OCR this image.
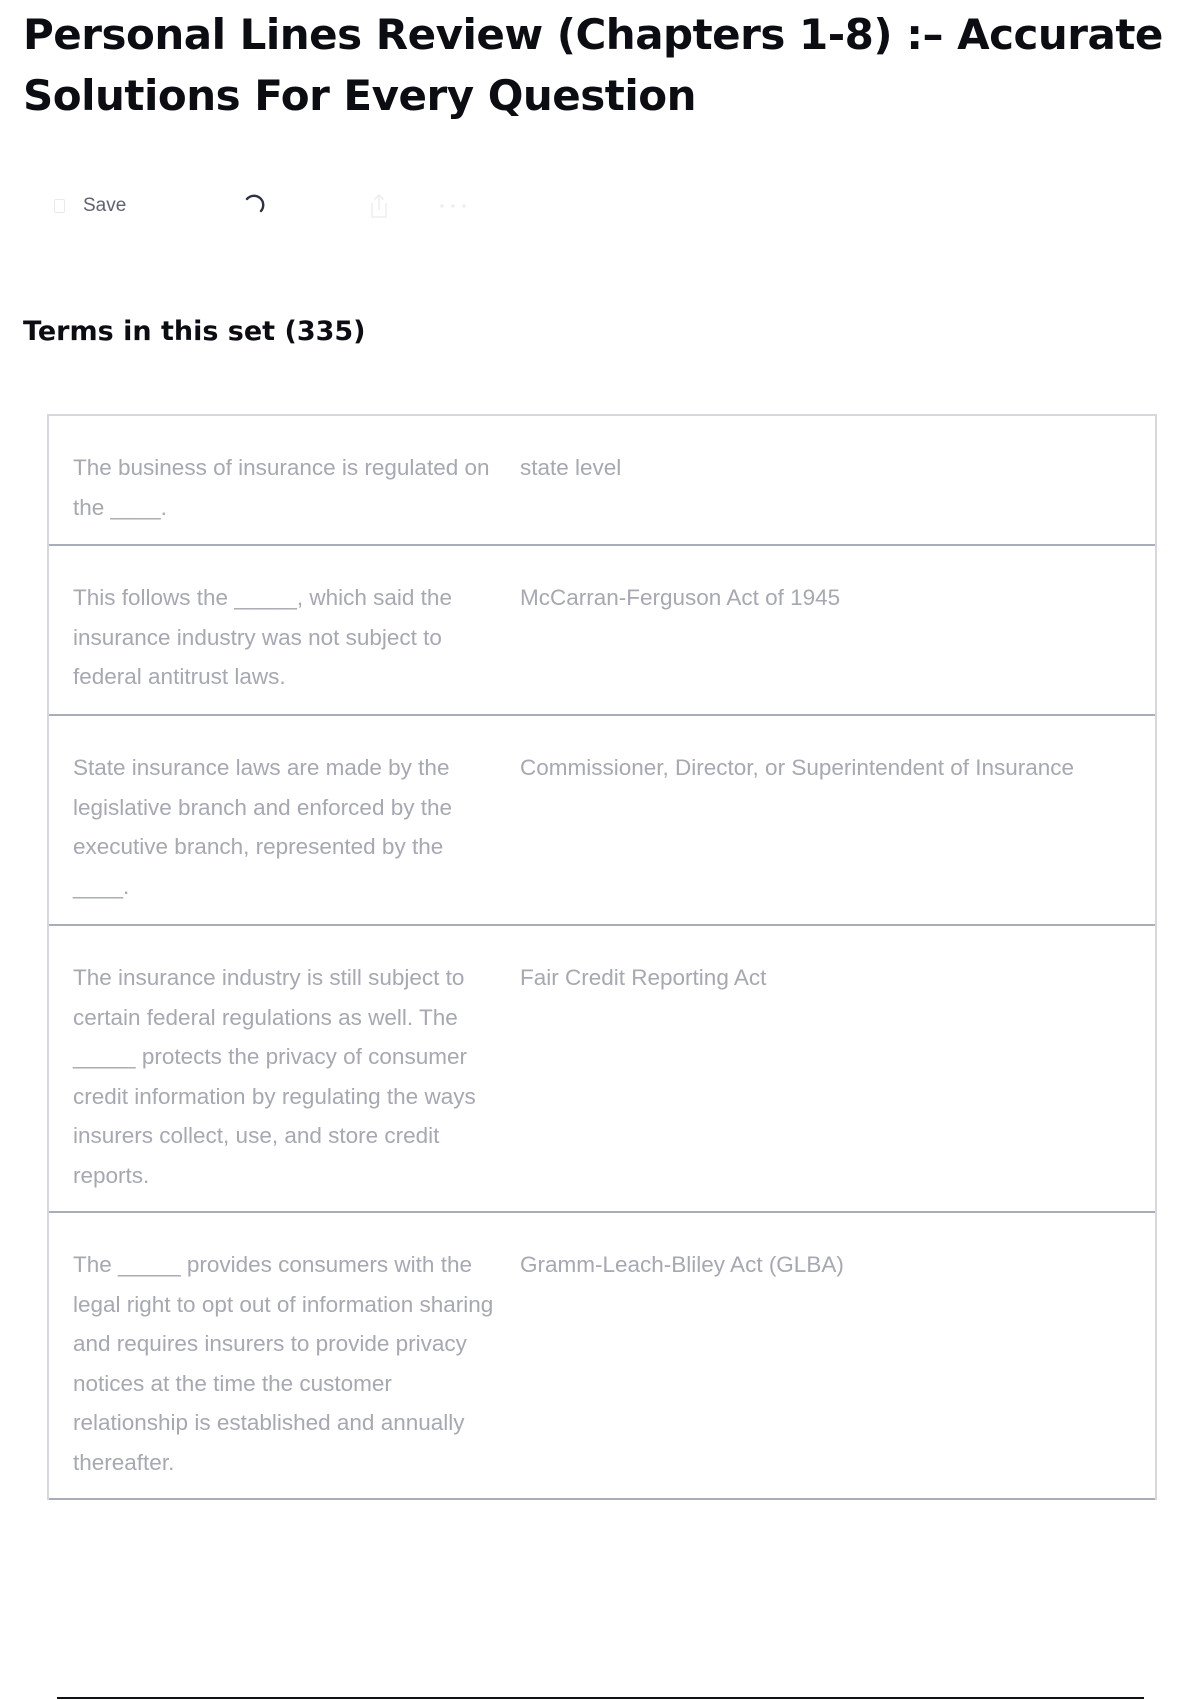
Personal Lines Review (Chapters 1-8) :– Accurate Solutions For Every Question
Save
Terms in this set (335)
The business of insurance is regulated on the ____.
state level
This follows the _____, which said the insurance industry was not subject to federal antitrust laws.
McCarran-Ferguson Act of 1945
State insurance laws are made by the legislative branch and enforced by the executive branch, represented by the ____.
Commissioner, Director, or Superintendent of Insurance
The insurance industry is still subject to certain federal regulations as well. The _____ protects the privacy of consumer credit information by regulating the ways insurers collect, use, and store credit reports.
Fair Credit Reporting Act
The _____ provides consumers with the legal right to opt out of information sharing and requires insurers to provide privacy notices at the time the customer relationship is established and annually thereafter.
Gramm-Leach-Bliley Act (GLBA)
